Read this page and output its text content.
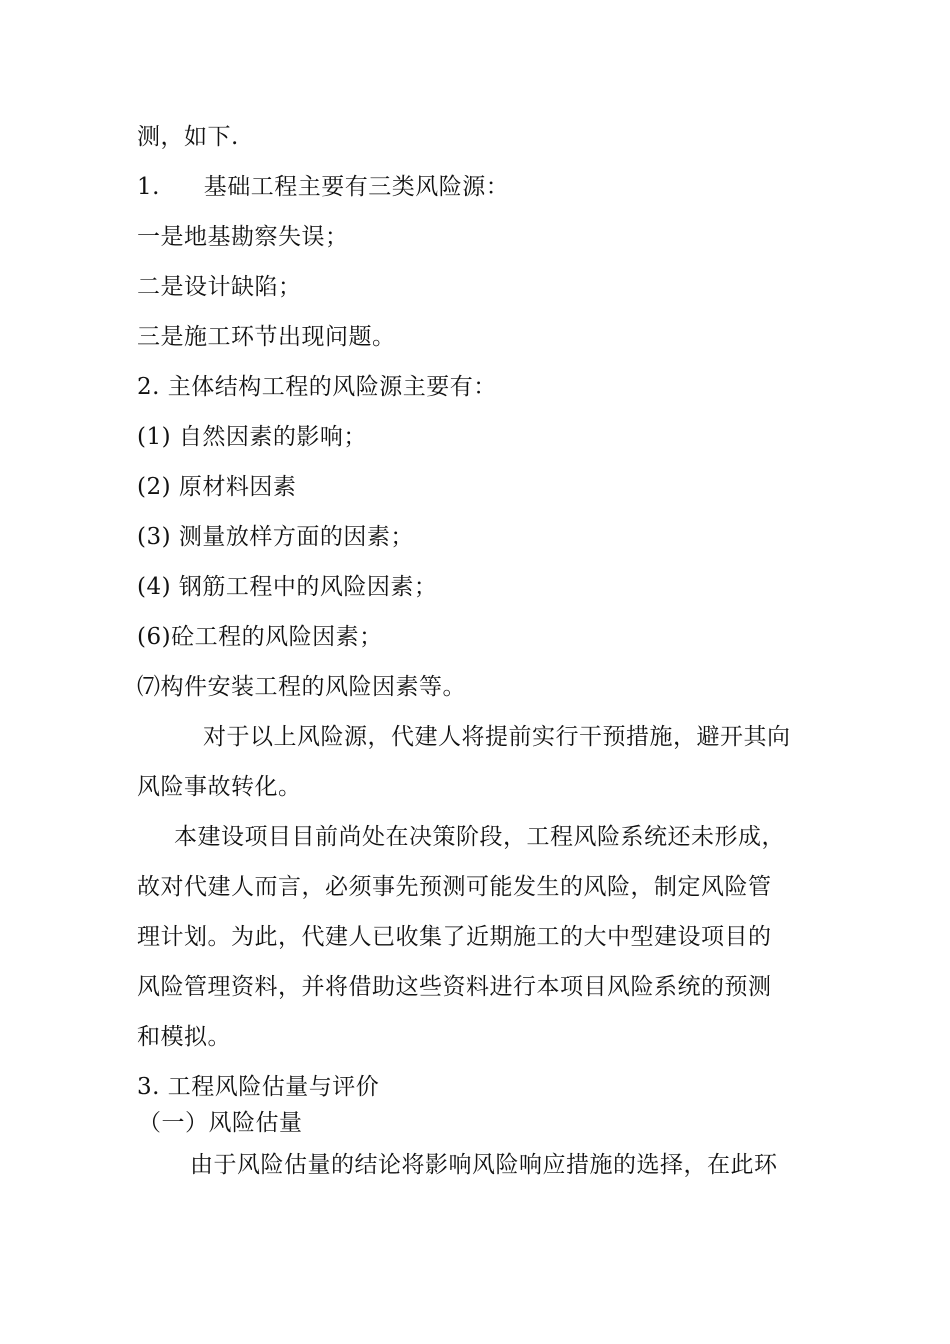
测，如下.
1. 基础工程主要有三类风险源：
一是地基勘察失误；
二是设计缺陷；
三是施工环节出现问题。
2. 主体结构工程的风险源主要有：
(1) 自然因素的影响；
(2) 原材料因素
(3) 测量放样方面的因素；
(4) 钢筋工程中的风险因素；
(6)砼工程的风险因素；
⑺构件安装工程的风险因素等。
对于以上风险源，代建人将提前实行干预措施，避开其向
风险事故转化。
本建设项目目前尚处在决策阶段，工程风险系统还未形成，
故对代建人而言，必须事先预测可能发生的风险，制定风险管
理计划。为此，代建人已收集了近期施工的大中型建设项目的
风险管理资料，并将借助这些资料进行本项目风险系统的预测
和模拟。
3. 工程风险估量与评价
（一）风险估量
由于风险估量的结论将影响风险响应措施的选择，在此环
